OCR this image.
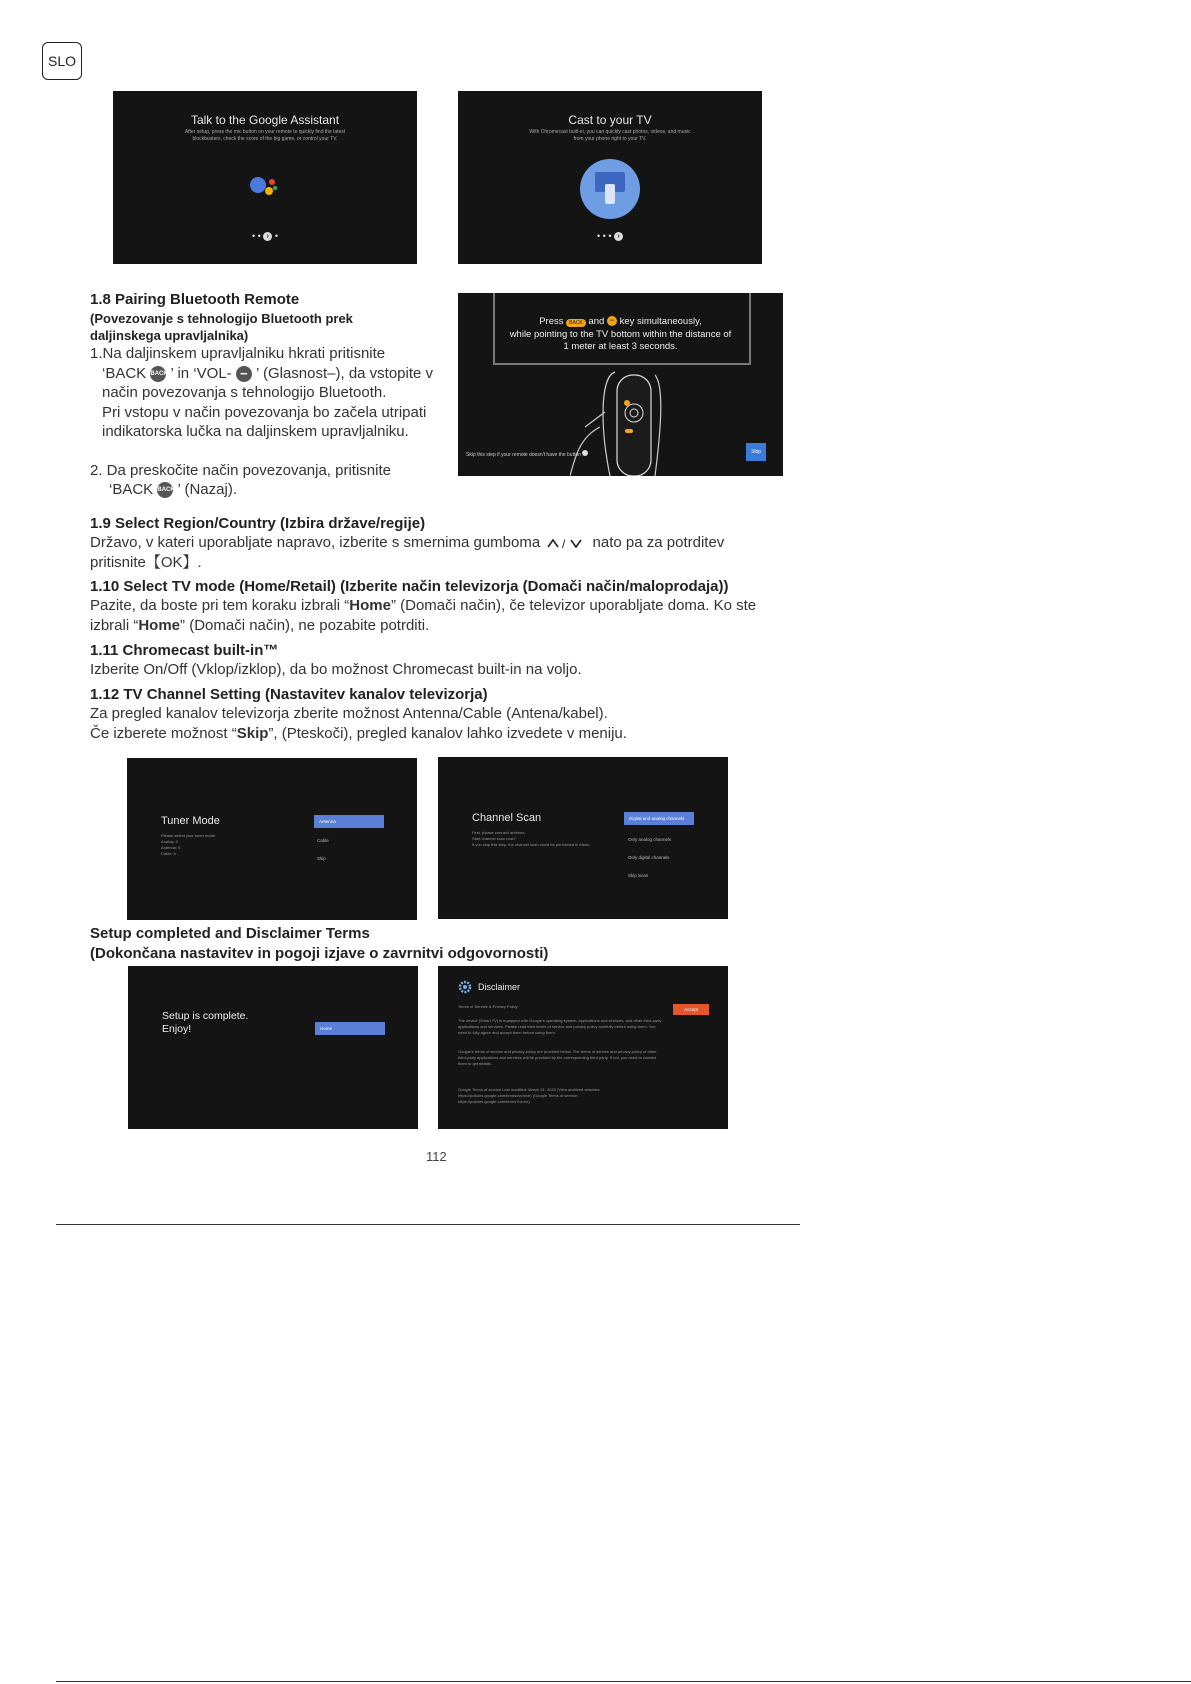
SLO
Talk to the Google Assistant
After setup, press the mic button on your remote to quickly find the latest blockbusters, check the score of the big game, or control your TV.
• • › •
Cast to your TV
With Chromecast built-in, you can quickly cast photos, videos, and music from your phone right to your TV.
• • • ›
1.8 Pairing Bluetooth Remote
(Povezovanje s tehnologijo Bluetooth prek
daljinskega upravljalnika)
1.Na daljinskem upravljalniku hkrati pritisnite
‘BACK BACK ’ in ‘VOL- − ’ (Glasnost–), da vstopite v
način povezovanja s tehnologijo Bluetooth.
Pri vstopu v način povezovanja bo začela utripati
indikatorska lučka na daljinskem upravljalniku.
2. Da preskočite način povezovanja, pritisnite
‘BACK BACK ’ (Nazaj).
Press BACK and − key simultaneously,
while pointing to the TV bottom within the distance of
1 meter at least 3 seconds.
Skip this step if your remote doesn't have the button	Skip
1.9 Select Region/Country (Izbira države/regije)
Državo, v kateri uporabljate napravo, izberite s smernima gumboma / nato pa za potrditev
pritisnite【OK】.
1.10 Select TV mode (Home/Retail) (Izberite način televizorja (Domači način/maloprodaja))
Pazite, da boste pri tem koraku izbrali “Home” (Domači način), če televizor uporabljate doma. Ko ste
izbrali “Home” (Domači način), ne pozabite potrditi.
1.11 Chromecast built-in™
Izberite On/Off (Vklop/izklop), da bo možnost Chromecast built-in na voljo.
1.12 TV Channel Setting (Nastavitev kanalov televizorja)
Za pregled kanalov televizorja zberite možnost Antenna/Cable (Antena/kabel).
Če izberete možnost “Skip”, (Pteskoči), pregled kanalov lahko izvedete v meniju.
Tuner Mode
Please select your tuner mode.
Analog: 0
Antenna: 0
Cable: 0
Antenna
Cable
Skip
Channel Scan
First, please connect antenna.
Start channel scan now?
If you skip this step, the channel scan could be performed in Menu.
Digital and analog channels
Only analog channels
Only digital channels
Skip Scan
Setup completed and Disclaimer Terms
(Dokončana nastavitev in pogoji izjave o zavrnitvi odgovornosti)
Setup is complete.
Enjoy!	Home
Disclaimer
Terms of Service & Privacy Policy
Accept
The device (Smart TV) is equipped with Google's operating system, applications and services, and other third-party applications and services. Please read their terms of service and privacy policy carefully before using them. You need to fully agree and accept them before using them.
Google's terms of service and privacy policy are provided below. The terms of service and privacy policy of other third-party applications and services will be provided by the corresponding third party. If not, you need to contact them to get details.
Google Terms of service Last modified: March 31, 2020 (View archived versions: https://policies.google.com/terms/archive) (Google Terms of service: https://policies.google.com/terms?hl=en)
112
